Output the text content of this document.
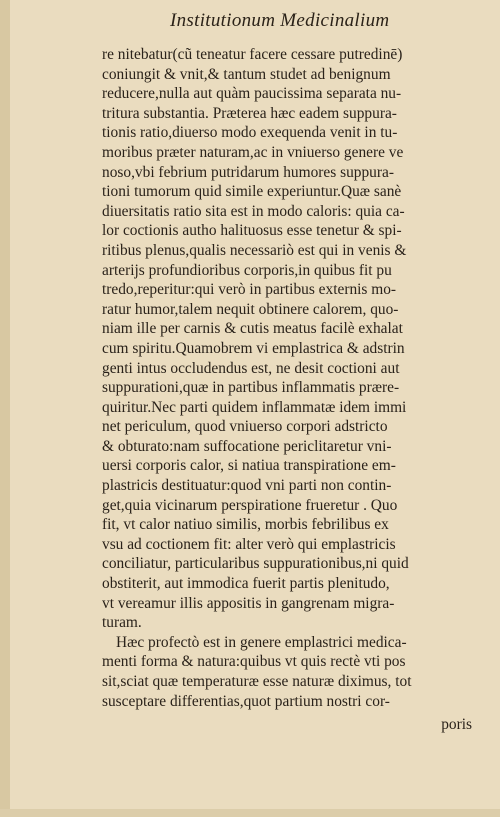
Institutionum Medicinalium
re nitebatur(cũ teneatur facere cessare putredinē)
coniungit & vnit,& tantum studet ad benignum
reducere,nulla aut quàm paucissima separata nu-
tritura substantia. Præterea hæc eadem suppura-
tionis ratio,diuerso modo exequenda venit in tu-
moribus præter naturam,ac in vniuerso genere ve
noso,vbi febrium putridarum humores suppura-
tioni tumorum quid simile experiuntur.Quæ sanè
diuersitatis ratio sita est in modo caloris: quia ca-
lor coctionis autho halituosus esse tenetur & spi-
ritibus plenus,qualis necessariò est qui in venis &
arterijs profundioribus corporis,in quibus fit pu
tredo,reperitur:qui verò in partibus externis mo-
ratur humor,talem nequit obtinere calorem, quo-
niam ille per carnis & cutis meatus facilè exhalat
cum spiritu.Quamobrem vi emplastrica & adstrin
genti intus occludendus est, ne desit coctioni aut
suppurationi,quæ in partibus inflammatis prære-
quiritur.Nec parti quidem inflammatæ idem immi
net periculum, quod vniuerso corpori adstricto
& obturato:nam suffocatione periclitaretur vni-
uersi corporis calor, si natiua transpiratione em-
plastricis destituatur:quod vni parti non contin-
get,quia vicinarum perspiratione frueretur . Quo
fit, vt calor natiuo similis, morbis febrilibus ex
vsu ad coctionem fit: alter verò qui emplastricis
conciliatur, particularibus suppurationibus,ni quid
obstiterit, aut immodica fuerit partis plenitudo,
vt vereamur illis appositis in gangrenam migra-
turam.
Hæc profectò est in genere emplastrici medica-
menti forma & natura:quibus vt quis rectè vti pos
sit,sciat quæ temperaturæ esse naturæ diximus, tot
susceptare differentias,quot partium nostri cor-
poris
